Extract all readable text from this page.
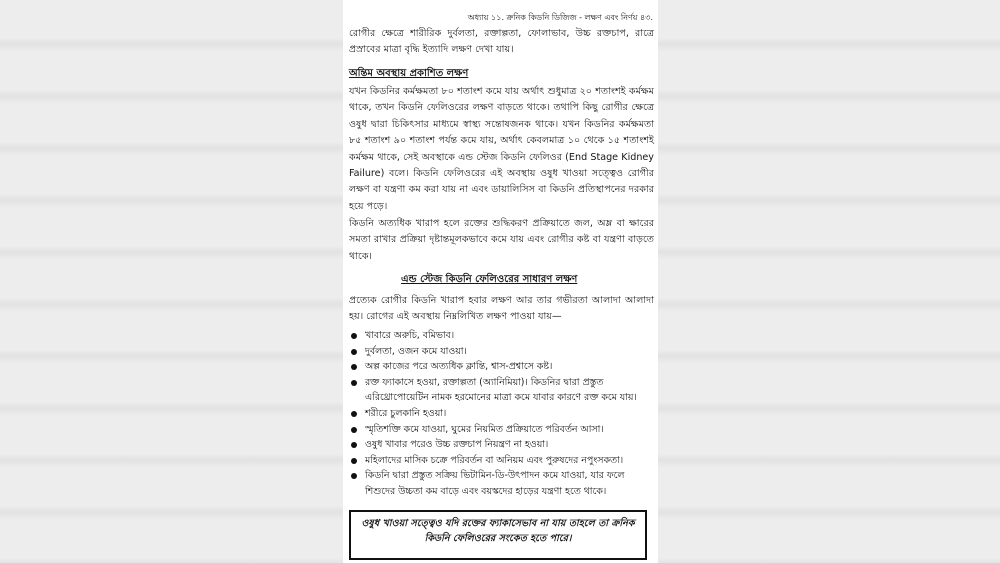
অধ্যায় ১১. ক্রনিক কিডনি ডিজিজ - লক্ষণ এবং নির্ণয় ৪৩.
রোগীর ক্ষেত্রে শারীরিক দুর্বলতা, রক্তাল্পতা, ফোলাভাব, উচ্চ রক্তচাপ, রাত্রে প্রস্রাবের মাত্রা বৃদ্ধি ইত্যাদি লক্ষণ দেখা যায়।
অন্তিম অবস্থায় প্রকাশিত লক্ষণ
যখন কিডনির কর্মক্ষমতা ৮০ শতাংশ কমে যায় অর্থাৎ শুধুমাত্র ২০ শতাংশই কর্মক্ষম থাকে, তখন কিডনি ফেলিওরের লক্ষণ বাড়তে থাকে। তথাপি কিছু রোগীর ক্ষেত্রে ওষুধ দ্বারা চিকিৎসার মাধ্যমে স্বাস্থ্য সন্তোষজনক থাকে। যখন কিডনির কর্মক্ষমতা ৮৫ শতাংশ ৯০ শতাংশ পর্যন্ত কমে যায়, অর্থাৎ কেবলমাত্র ১০ থেকে ১৫ শতাংশই কর্মক্ষম থাকে, সেই অবস্থাকে এন্ড স্টেজ কিডনি ফেলিওর (End Stage Kidney Failure) বলে। কিডনি ফেলিওরের এই অবস্থায় ওষুধ খাওয়া সত্ত্বেও রোগীর লক্ষণ বা যন্ত্রণা কম করা যায় না এবং ডায়ালিসিস বা কিডনি প্রতিস্থাপনের দরকার হয়ে পড়ে।
কিডনি অত্যধিক খারাপ হলে রক্তের শুদ্ধিকরণ প্রক্রিয়াতে জল, অম্ল বা ক্ষারের সমতা রাখার প্রক্রিয়া দৃষ্টান্তমূলকভাবে কমে যায় এবং রোগীর কষ্ট বা যন্ত্রণা বাড়তে থাকে।
এন্ড স্টেজ কিডনি ফেলিওরের সাধারণ লক্ষণ
প্রত্যেক রোগীর কিডনি খারাপ হবার লক্ষণ আর তার গভীরতা আলাদা আলাদা হয়। রোগের এই অবস্থায় নিম্নলিখিত লক্ষণ পাওয়া যায়—
খাবারে অরুচি, বমিভাব।
দুর্বলতা, ওজন কমে যাওয়া।
অল্প কাজের পরে অত্যধিক ক্লান্তি, শ্বাস-প্রশ্বাসে কষ্ট।
রক্ত ফ্যাকাসে হওয়া, রক্তাল্পতা (অ্যানিমিয়া)। কিডনির দ্বারা প্রস্তুত এরিথ্রোপোয়েটিন নামক হরমোনের মাত্রা কমে যাবার কারণে রক্ত কমে যায়।
শরীরে চুলকানি হওয়া।
স্মৃতিশক্তি কমে যাওয়া, ঘুমের নিয়মিত প্রক্রিয়াতে পরিবর্তন আসা।
ওষুধ খাবার পরেও উচ্চ রক্তচাপ নিয়ন্ত্রণ না হওয়া।
মহিলাদের মাসিক চক্রে পরিবর্তন বা অনিয়ম এবং পুরুষদের নপুংসকতা।
কিডনি দ্বারা প্রস্তুত সক্রিয় ভিটামিন-ডি-উৎপাদন কমে যাওয়া, যার ফলে শিশুদের উচ্চতা কম বাড়ে এবং বয়স্কদের হাড়ের যন্ত্রণা হতে থাকে।
ওষুধ খাওয়া সত্ত্বেও যদি রক্তের ফ্যাকাসেভাব না যায় তাহলে তা ক্রনিক কিডনি ফেলিওরের সংকেত হতে পারে।
